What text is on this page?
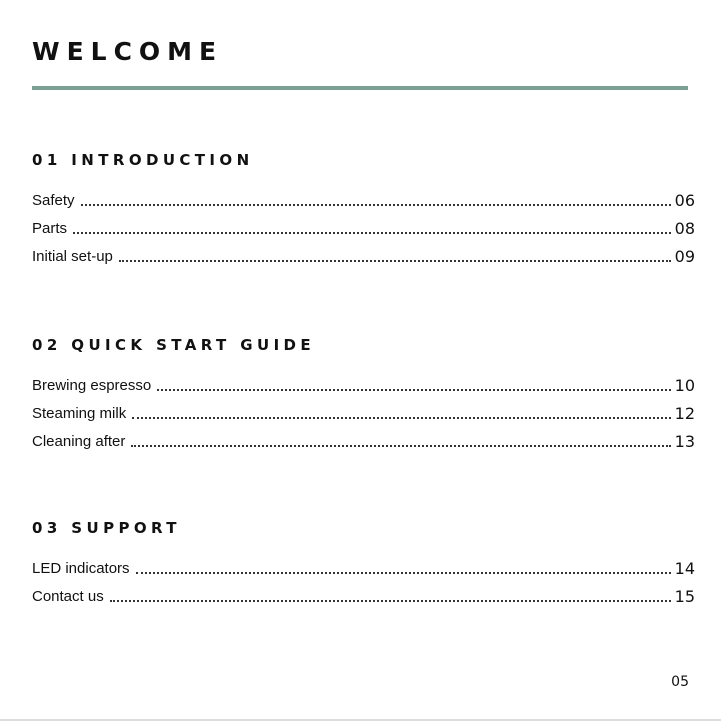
WELCOME
01 INTRODUCTION
Safety	06
Parts	08
Initial set-up	09
02 QUICK START GUIDE
Brewing espresso	10
Steaming milk	12
Cleaning after	13
03 SUPPORT
LED indicators	14
Contact us	15

05
